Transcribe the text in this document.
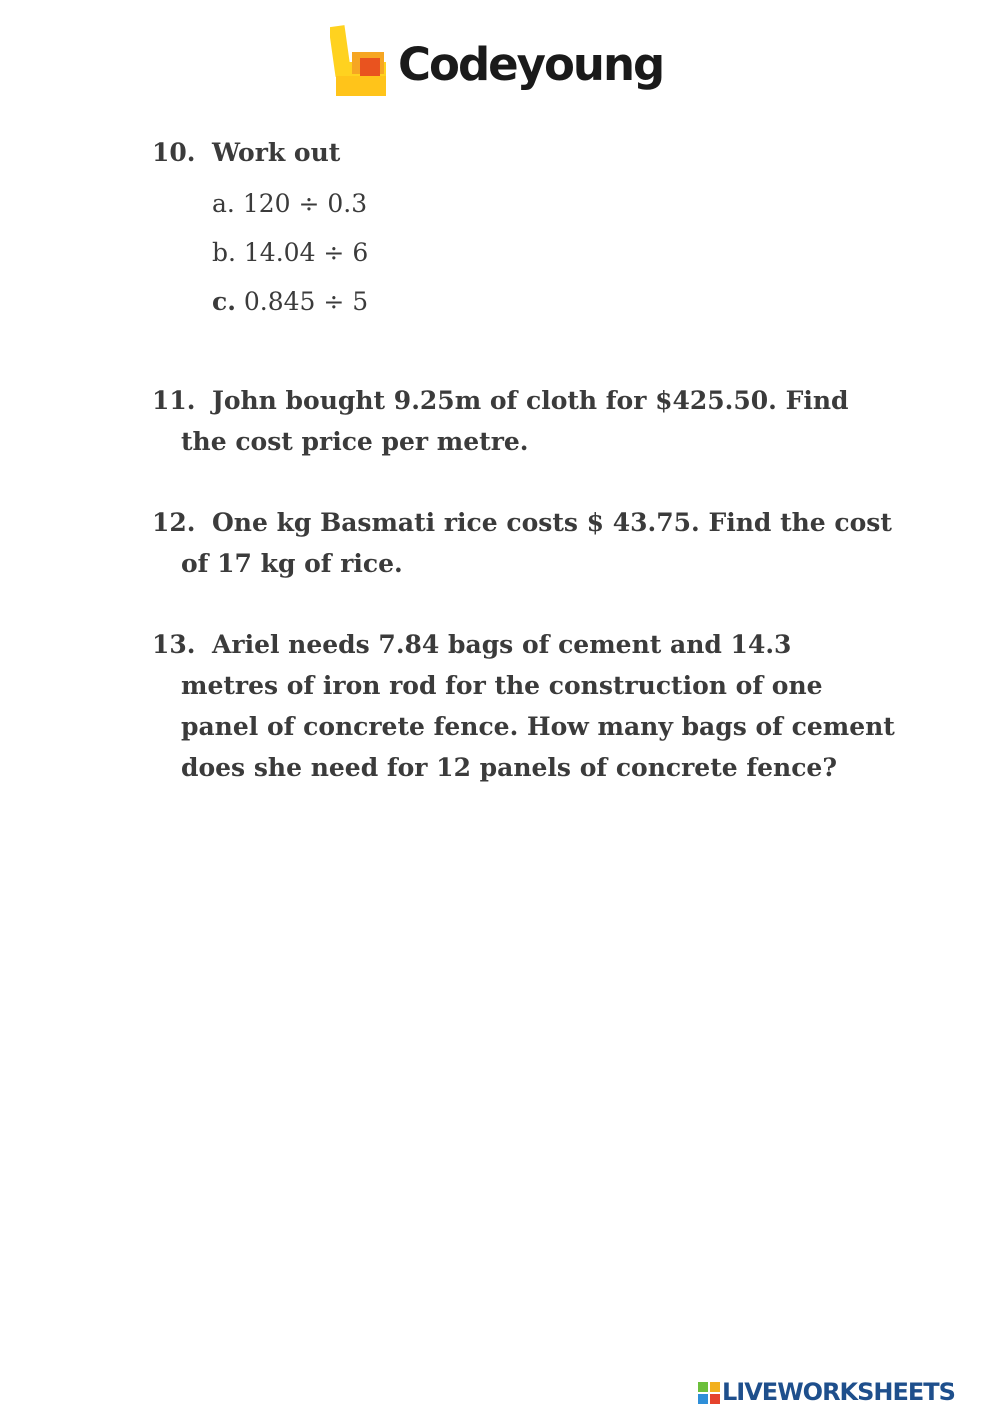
Codeyoung
10. Work out
a. 120 ÷ 0.3
b. 14.04 ÷ 6
c. 0.845 ÷ 5
11. John bought 9.25m of cloth for $425.50. Find
the cost price per metre.
12. One kg Basmati rice costs $ 43.75. Find the cost
of 17 kg of rice.
13. Ariel needs 7.84 bags of cement and 14.3
metres of iron rod for the construction of one
panel of concrete fence. How many bags of cement
does she need for 12 panels of concrete fence?
LIVEWORKSHEETS
